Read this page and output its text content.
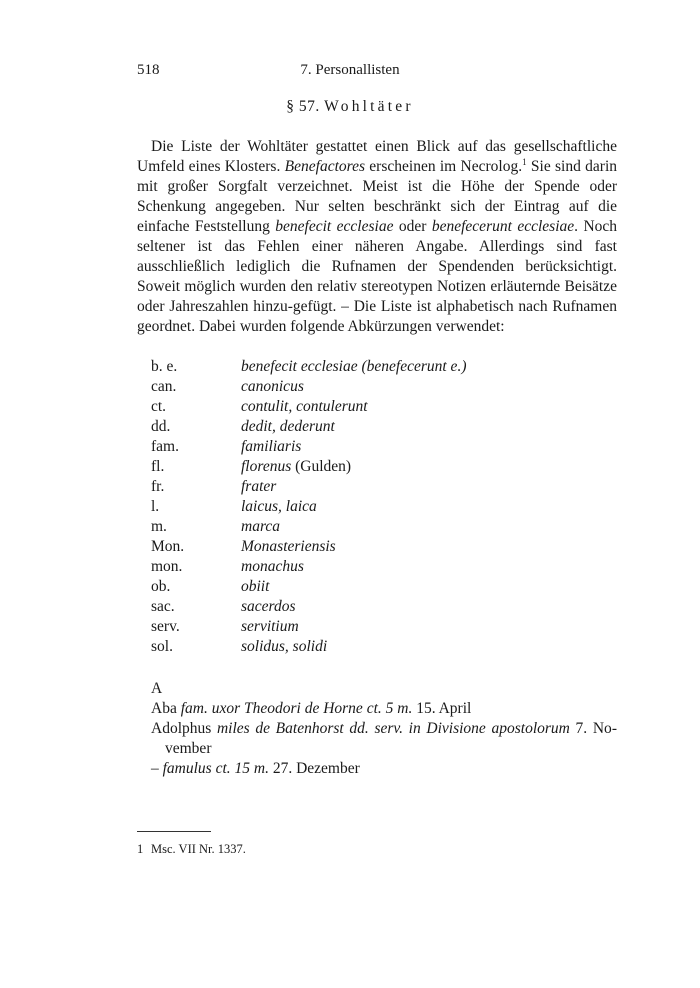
518	7. Personallisten
§ 57. Wohltäter

Die Liste der Wohltäter gestattet einen Blick auf das gesellschaftliche Umfeld eines Klosters. Benefactores erscheinen im Necrolog.$^1$ Sie sind darin mit großer Sorgfalt verzeichnet. Meist ist die Höhe der Spende oder Schenkung angegeben. Nur selten beschränkt sich der Eintrag auf die einfache Feststellung benefecit ecclesiae oder benefecerunt ecclesiae. Noch seltener ist das Fehlen einer näheren Angabe. Allerdings sind fast ausschließlich lediglich die Rufnamen der Spendenden berücksichtigt. Soweit möglich wurden den relativ stereotypen Notizen erläuternde Beisätze oder Jahreszahlen hinzu-gefügt. – Die Liste ist alphabetisch nach Rufnamen geordnet. Dabei wurden folgende Abkürzungen verwendet:

b. e.	benefecit ecclesiae (benefecerunt e.)
can.	canonicus
ct.	contulit, contulerunt
dd.	dedit, dederunt
fam.	familiaris
fl.	florenus (Gulden)
fr.	frater
l.	laicus, laica
m.	marca
Mon.	Monasteriensis
mon.	monachus
ob.	obiit
sac.	sacerdos
serv.	servitium
sol.	solidus, solidi
A
Aba fam. uxor Theodori de Horne ct. 5 m. 15. April
Adolphus miles de Batenhorst dd. serv. in Divisione apostolorum 7. November
– famulus ct. 15 m. 27. Dezember
1 Msc. VII Nr. 1337.
